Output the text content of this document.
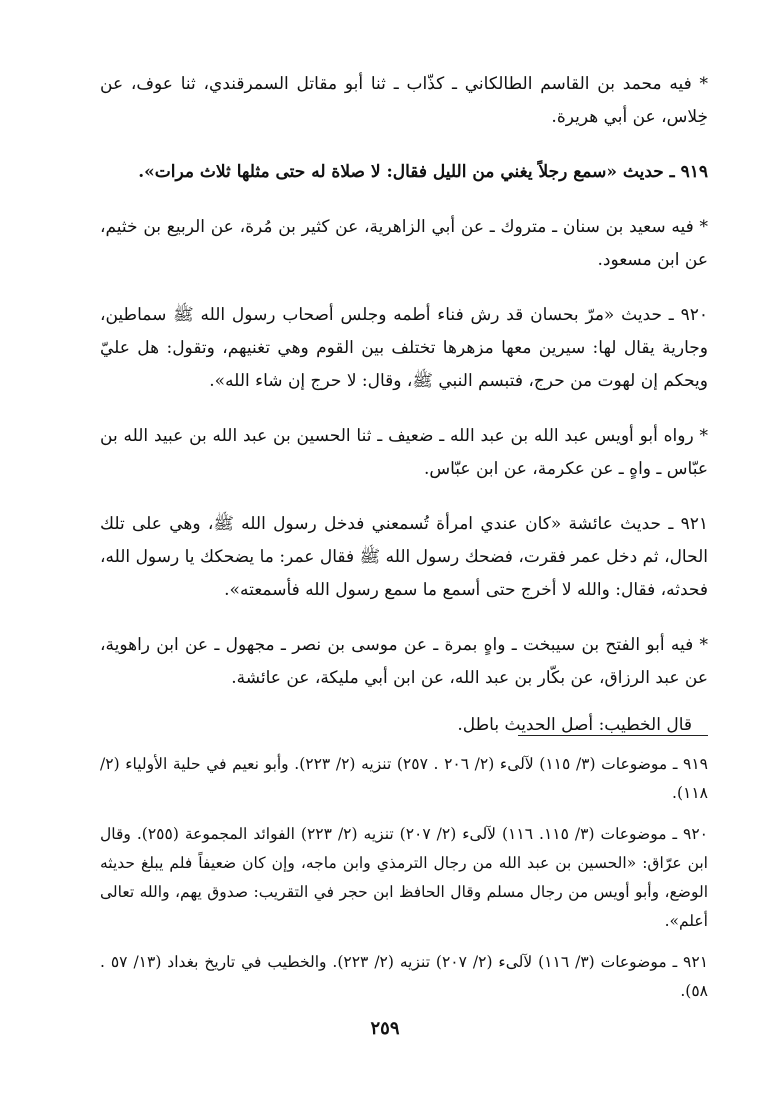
* فيه محمد بن القاسم الطالكاني ـ كذّاب ـ ثنا أبو مقاتل السمرقندي، ثنا عوف، عن خِلاس، عن أبي هريرة.

٩١٩ ـ حديث «سمع رجلاً يغني من الليل فقال: لا صلاة له حتى مثلها ثلاث مرات».

* فيه سعيد بن سنان ـ متروك ـ عن أبي الزاهرية، عن كثير بن مُرة، عن الربيع بن خثيم، عن ابن مسعود.

٩٢٠ ـ حديث «مرّ بحسان قد رش فناء أطمه وجلس أصحاب رسول الله ﷺ سماطين، وجارية يقال لها: سيرين معها مزهرها تختلف بين القوم وهي تغنيهم، وتقول: هل عليّ ويحكم إن لهوت من حرج، فتبسم النبي ﷺ، وقال: لا حرج إن شاء الله».

* رواه أبو أويس عبد الله بن عبد الله ـ ضعيف ـ ثنا الحسين بن عبد الله بن عبيد الله بن عبّاس ـ واهٍ ـ عن عكرمة، عن ابن عبّاس.

٩٢١ ـ حديث عائشة «كان عندي امرأة تُسمعني فدخل رسول الله ﷺ، وهي على تلك الحال، ثم دخل عمر فقرت، فضحك رسول الله ﷺ فقال عمر: ما يضحكك يا رسول الله، فحدثه، فقال: والله لا أخرج حتى أسمع ما سمع رسول الله فأسمعته».

* فيه أبو الفتح بن سيبخت ـ واهٍ بمرة ـ عن موسى بن نصر ـ مجهول ـ عن ابن راهوية، عن عبد الرزاق، عن بكّار بن عبد الله، عن ابن أبي مليكة، عن عائشة.

قال الخطيب: أصل الحديث باطل.

٩١٩ ـ موضوعات (٣/ ١١٥) لآلىء (٢/ ٢٠٦ . ٢٥٧) تنزيه (٢/ ٢٢٣). وأبو نعيم في حلية الأولياء (٢/ ١١٨).

٩٢٠ ـ موضوعات (٣/ ١١٥. ١١٦) لآلىء (٢/ ٢٠٧) تنزيه (٢/ ٢٢٣) الفوائد المجموعة (٢٥٥). وقال ابن عرّاق: «الحسين بن عبد الله من رجال الترمذي وابن ماجه، وإن كان ضعيفاً فلم يبلغ حديثه الوضع، وأبو أويس من رجال مسلم وقال الحافظ ابن حجر في التقريب: صدوق يهم، والله تعالى أعلم».

٩٢١ ـ موضوعات (٣/ ١١٦) لآلىء (٢/ ٢٠٧) تنزيه (٢/ ٢٢٣). والخطيب في تاريخ بغداد (١٣/ ٥٧ . ٥٨).

٢٥٩
